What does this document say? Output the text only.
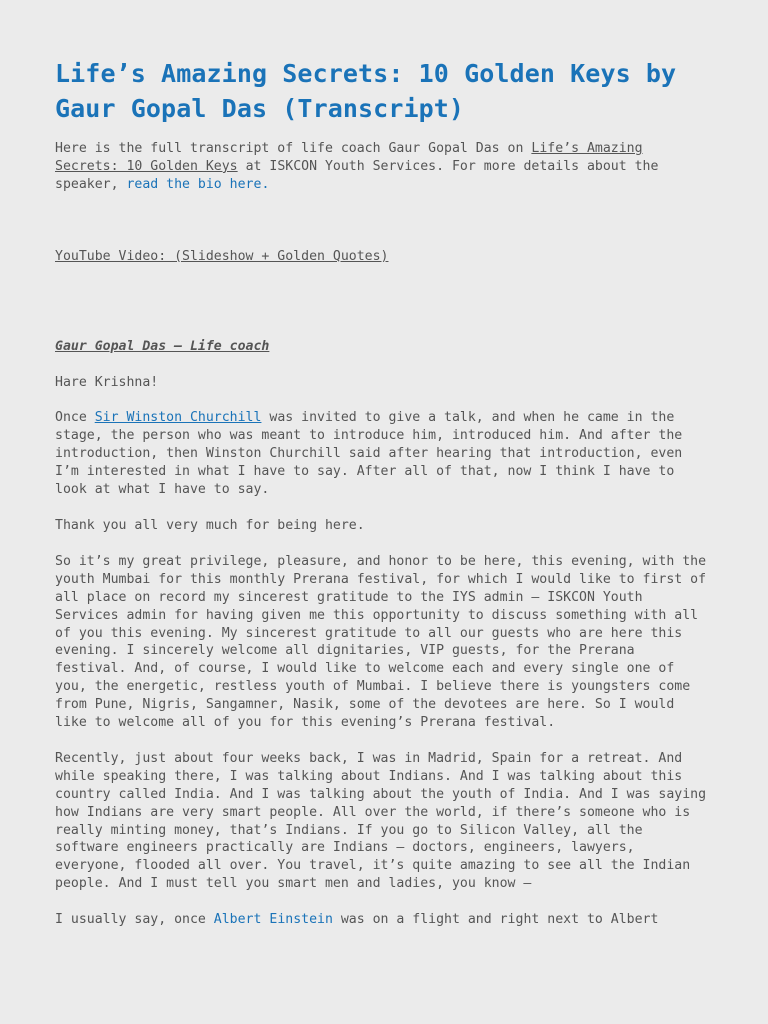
Life’s Amazing Secrets: 10 Golden Keys by Gaur Gopal Das (Transcript)

Here is the full transcript of life coach Gaur Gopal Das on Life’s Amazing Secrets: 10 Golden Keys at ISKCON Youth Services. For more details about the speaker, read the bio here.

YouTube Video: (Slideshow + Golden Quotes)

Gaur Gopal Das – Life coach

Hare Krishna!

Once Sir Winston Churchill was invited to give a talk, and when he came in the stage, the person who was meant to introduce him, introduced him. And after the introduction, then Winston Churchill said after hearing that introduction, even I’m interested in what I have to say. After all of that, now I think I have to look at what I have to say.

Thank you all very much for being here.

So it’s my great privilege, pleasure, and honor to be here, this evening, with the youth Mumbai for this monthly Prerana festival, for which I would like to first of all place on record my sincerest gratitude to the IYS admin – ISKCON Youth Services admin for having given me this opportunity to discuss something with all of you this evening. My sincerest gratitude to all our guests who are here this evening. I sincerely welcome all dignitaries, VIP guests, for the Prerana festival. And, of course, I would like to welcome each and every single one of you, the energetic, restless youth of Mumbai. I believe there is youngsters come from Pune, Nigris, Sangamner, Nasik, some of the devotees are here. So I would like to welcome all of you for this evening’s Prerana festival.

Recently, just about four weeks back, I was in Madrid, Spain for a retreat. And while speaking there, I was talking about Indians. And I was talking about this country called India. And I was talking about the youth of India. And I was saying how Indians are very smart people. All over the world, if there’s someone who is really minting money, that’s Indians. If you go to Silicon Valley, all the software engineers practically are Indians – doctors, engineers, lawyers, everyone, flooded all over. You travel, it’s quite amazing to see all the Indian people. And I must tell you smart men and ladies, you know –

I usually say, once Albert Einstein was on a flight and right next to Albert
